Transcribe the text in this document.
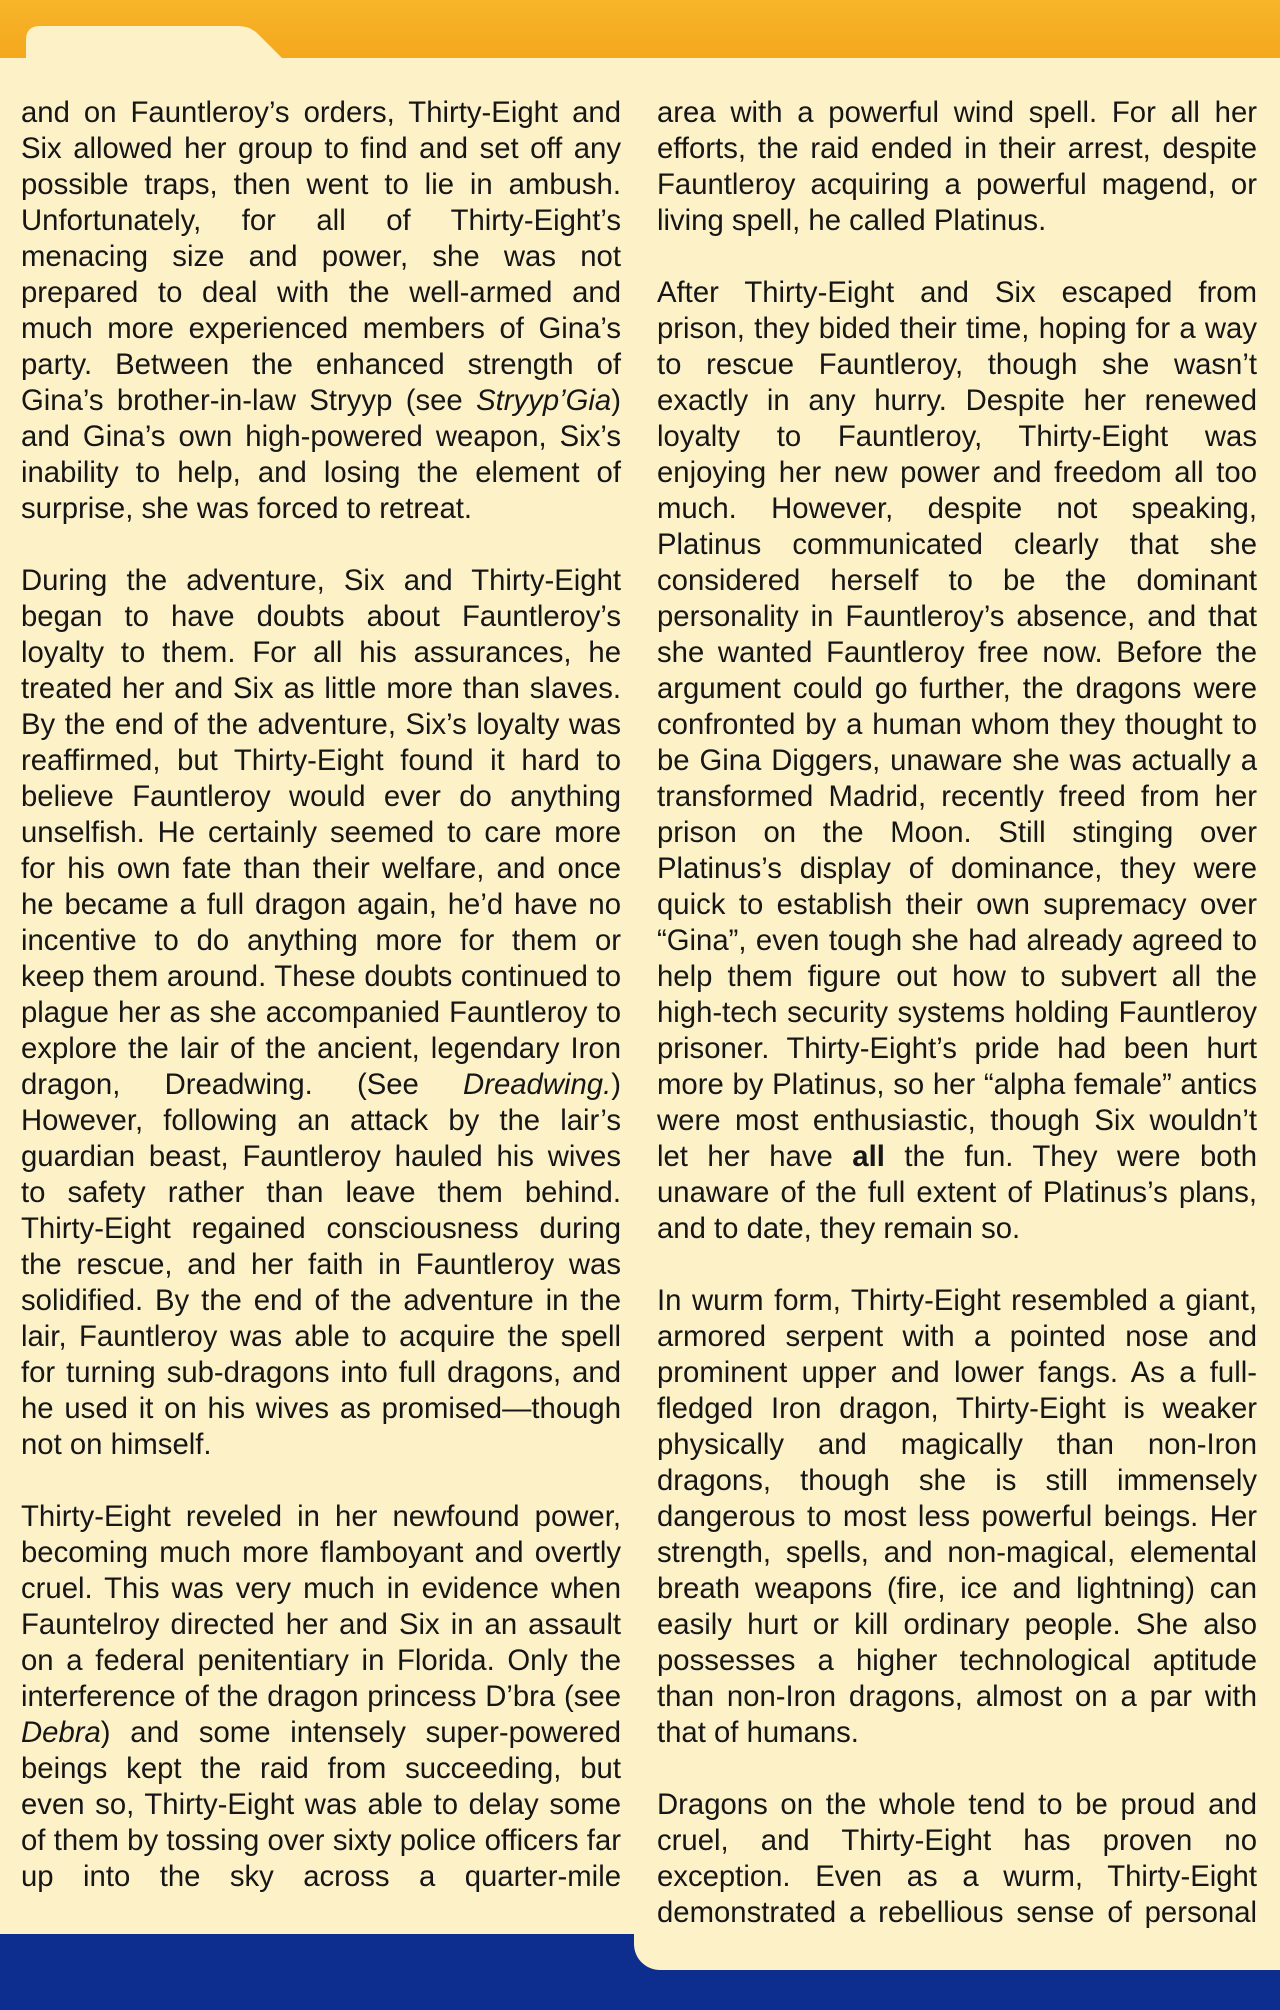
and on Fauntleroy’s orders, Thirty-Eight and Six allowed her group to find and set off any possible traps, then went to lie in ambush. Unfortunately, for all of Thirty-Eight’s menacing size and power, she was not prepared to deal with the well-armed and much more experienced members of Gina’s party. Between the enhanced strength of Gina’s brother-in-law Stryyp (see Stryyp’Gia) and Gina’s own high-powered weapon, Six’s inability to help, and losing the element of surprise, she was forced to retreat.

During the adventure, Six and Thirty-Eight began to have doubts about Fauntleroy’s loyalty to them. For all his assurances, he treated her and Six as little more than slaves. By the end of the adventure, Six’s loyalty was reaffirmed, but Thirty-Eight found it hard to believe Fauntleroy would ever do anything unselfish. He certainly seemed to care more for his own fate than their welfare, and once he became a full dragon again, he’d have no incentive to do anything more for them or keep them around. These doubts continued to plague her as she accompanied Fauntleroy to explore the lair of the ancient, legendary Iron dragon, Dreadwing. (See Dreadwing.) However, following an attack by the lair’s guardian beast, Fauntleroy hauled his wives to safety rather than leave them behind. Thirty-Eight regained consciousness during the rescue, and her faith in Fauntleroy was solidified. By the end of the adventure in the lair, Fauntleroy was able to acquire the spell for turning sub-dragons into full dragons, and he used it on his wives as promised—though not on himself.

Thirty-Eight reveled in her newfound power, becoming much more flamboyant and overtly cruel. This was very much in evidence when Fauntelroy directed her and Six in an assault on a federal penitentiary in Florida. Only the interference of the dragon princess D’bra (see Debra) and some intensely super-powered beings kept the raid from succeeding, but even so, Thirty-Eight was able to delay some of them by tossing over sixty police officers far up into the sky across a quarter-mile

area with a powerful wind spell. For all her efforts, the raid ended in their arrest, despite Fauntleroy acquiring a powerful magend, or living spell, he called Platinus.

After Thirty-Eight and Six escaped from prison, they bided their time, hoping for a way to rescue Fauntleroy, though she wasn’t exactly in any hurry. Despite her renewed loyalty to Fauntleroy, Thirty-Eight was enjoying her new power and freedom all too much. However, despite not speaking, Platinus communicated clearly that she considered herself to be the dominant personality in Fauntleroy’s absence, and that she wanted Fauntleroy free now. Before the argument could go further, the dragons were confronted by a human whom they thought to be Gina Diggers, unaware she was actually a transformed Madrid, recently freed from her prison on the Moon. Still stinging over Platinus’s display of dominance, they were quick to establish their own supremacy over “Gina”, even tough she had already agreed to help them figure out how to subvert all the high-tech security systems holding Fauntleroy prisoner. Thirty-Eight’s pride had been hurt more by Platinus, so her “alpha female” antics were most enthusiastic, though Six wouldn’t let her have all the fun. They were both unaware of the full extent of Platinus’s plans, and to date, they remain so.

In wurm form, Thirty-Eight resembled a giant, armored serpent with a pointed nose and prominent upper and lower fangs. As a full-fledged Iron dragon, Thirty-Eight is weaker physically and magically than non-Iron dragons, though she is still immensely dangerous to most less powerful beings. Her strength, spells, and non-magical, elemental breath weapons (fire, ice and lightning) can easily hurt or kill ordinary people. She also possesses a higher technological aptitude than non-Iron dragons, almost on a par with that of humans.

Dragons on the whole tend to be proud and cruel, and Thirty-Eight has proven no exception. Even as a wurm, Thirty-Eight demonstrated a rebellious sense of personal
